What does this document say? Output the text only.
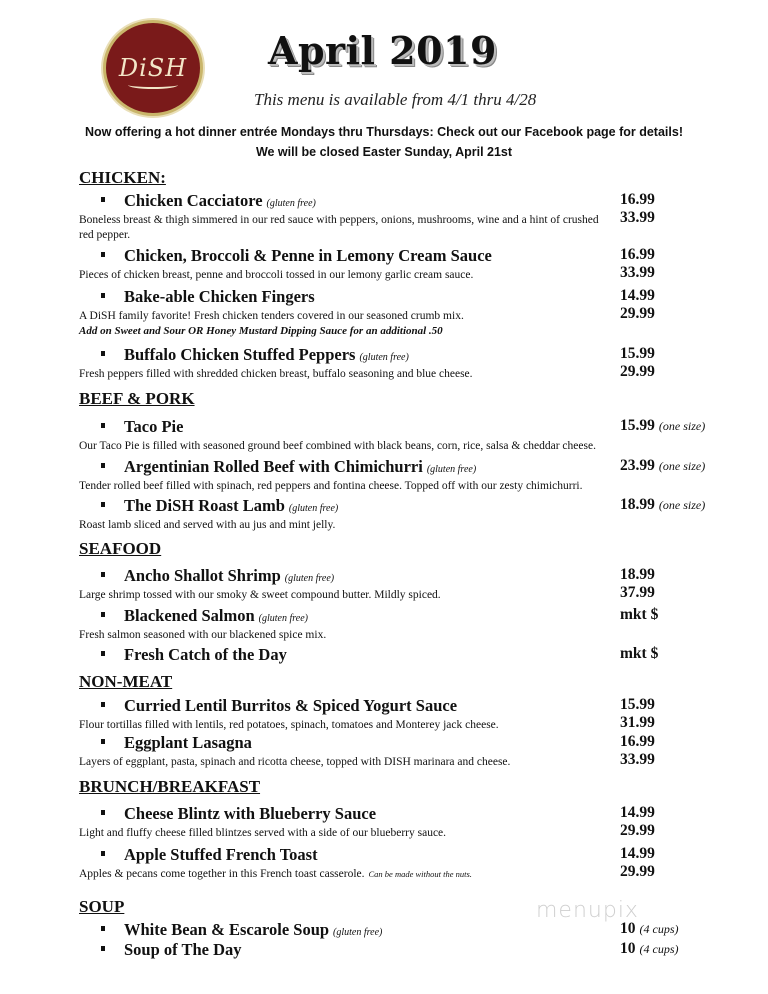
DiSH April 2019
This menu is available from 4/1 thru 4/28
Now offering a hot dinner entrée Mondays thru Thursdays: Check out our Facebook page for details!
We will be closed Easter Sunday, April 21st
CHICKEN:
Chicken Cacciatore (gluten free)	16.99
Boneless breast & thigh simmered in our red sauce with peppers, onions, mushrooms, wine and a hint of crushed red pepper.
33.99
Chicken, Broccoli & Penne in Lemony Cream Sauce	16.99
Pieces of chicken breast, penne and broccoli tossed in our lemony garlic cream sauce.	33.99
Bake-able Chicken Fingers	14.99
A DiSH family favorite! Fresh chicken tenders covered in our seasoned crumb mix.	29.99
Add on Sweet and Sour OR Honey Mustard Dipping Sauce for an additional .50
Buffalo Chicken Stuffed Peppers (gluten free)	15.99
Fresh peppers filled with shredded chicken breast, buffalo seasoning and blue cheese.	29.99
BEEF & PORK
Taco Pie	15.99 (one size)
Our Taco Pie is filled with seasoned ground beef combined with black beans, corn, rice, salsa & cheddar cheese.
Argentinian Rolled Beef with Chimichurri (gluten free)	23.99 (one size)
Tender rolled beef filled with spinach, red peppers and fontina cheese. Topped off with our zesty chimichurri.
The DiSH Roast Lamb (gluten free)	18.99 (one size)
Roast lamb sliced and served with au jus and mint jelly.
SEAFOOD
Ancho Shallot Shrimp (gluten free)	18.99
Large shrimp tossed with our smoky & sweet compound butter. Mildly spiced.	37.99
Blackened Salmon (gluten free)	mkt $
Fresh salmon seasoned with our blackened spice mix.
Fresh Catch of the Day	mkt $
NON-MEAT
Curried Lentil Burritos & Spiced Yogurt Sauce	15.99
Flour tortillas filled with lentils, red potatoes, spinach, tomatoes and Monterey jack cheese.	31.99
Eggplant Lasagna	16.99
Layers of eggplant, pasta, spinach and ricotta cheese, topped with DISH marinara and cheese.	33.99
BRUNCH/BREAKFAST
Cheese Blintz with Blueberry Sauce	14.99
Light and fluffy cheese filled blintzes served with a side of our blueberry sauce.	29.99
Apple Stuffed French Toast	14.99
Apples & pecans come together in this French toast casserole. Can be made without the nuts.	29.99
SOUP
White Bean & Escarole Soup (gluten free)	10 (4 cups)
Soup of The Day	10 (4 cups)
menupix
